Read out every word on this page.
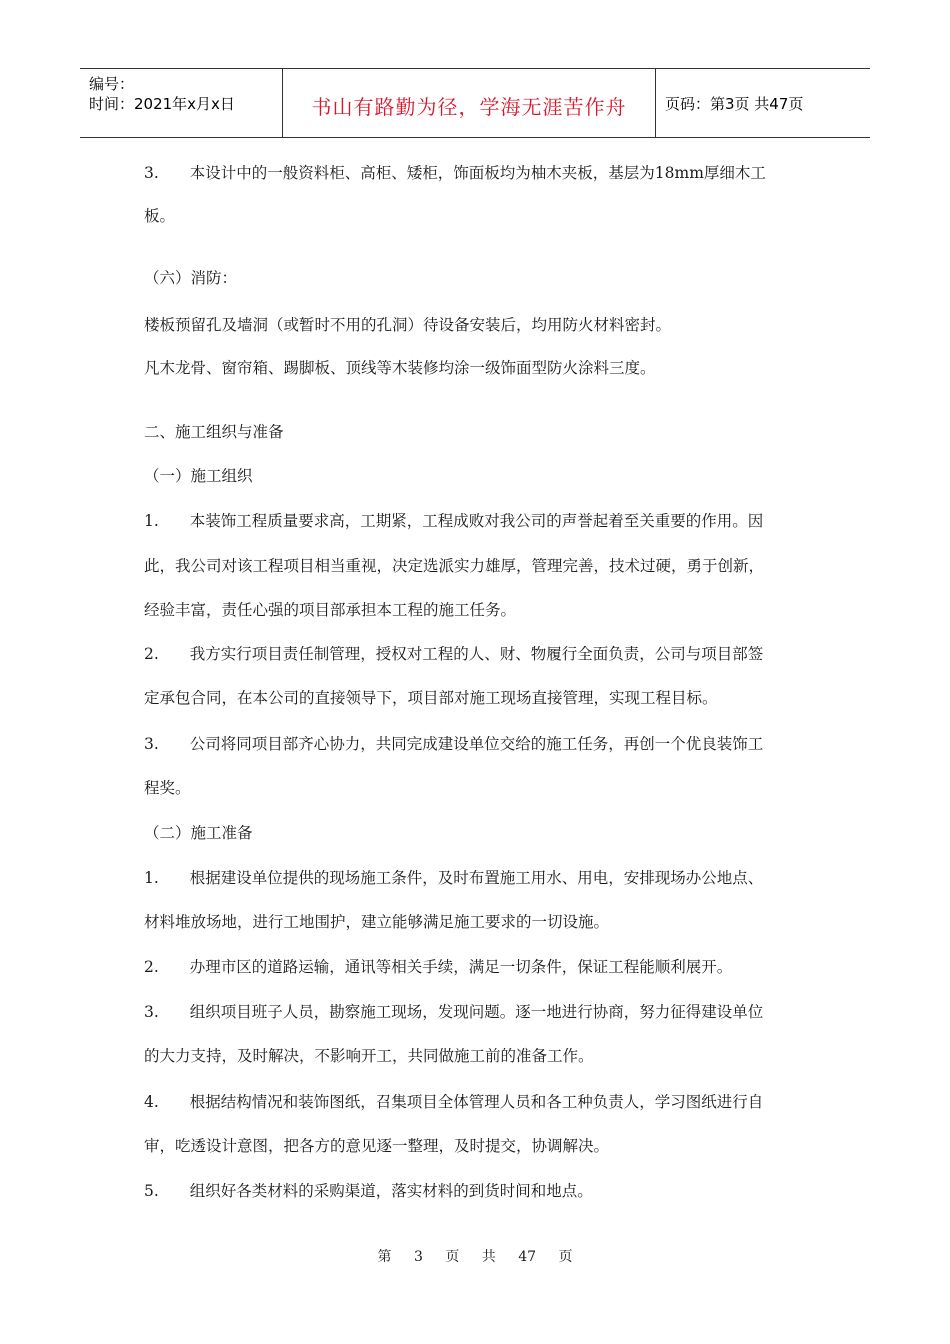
编号：
时间：2021年x月x日	书山有路勤为径，学海无涯苦作舟	页码：第3页 共47页
3.　　本设计中的一般资料柜、高柜、矮柜，饰面板均为柚木夹板，基层为18mm厚细木工
板。
（六）消防：
楼板预留孔及墙洞（或暂时不用的孔洞）待设备安装后，均用防火材料密封。
凡木龙骨、窗帘箱、踢脚板、顶线等木装修均涂一级饰面型防火涂料三度。
二、施工组织与准备
（一）施工组织
1.　　本装饰工程质量要求高，工期紧，工程成败对我公司的声誉起着至关重要的作用。因
此，我公司对该工程项目相当重视，决定选派实力雄厚，管理完善，技术过硬，勇于创新，
经验丰富，责任心强的项目部承担本工程的施工任务。
2.　　我方实行项目责任制管理，授权对工程的人、财、物履行全面负责，公司与项目部签
定承包合同，在本公司的直接领导下，项目部对施工现场直接管理，实现工程目标。
3.　　公司将同项目部齐心协力，共同完成建设单位交给的施工任务，再创一个优良装饰工
程奖。
（二）施工准备
1.　　根据建设单位提供的现场施工条件，及时布置施工用水、用电，安排现场办公地点、
材料堆放场地，进行工地围护，建立能够满足施工要求的一切设施。
2.　　办理市区的道路运输，通讯等相关手续，满足一切条件，保证工程能顺利展开。
3.　　组织项目班子人员，勘察施工现场，发现问题。逐一地进行协商，努力征得建设单位
的大力支持，及时解决，不影响开工，共同做施工前的准备工作。
4.　　根据结构情况和装饰图纸，召集项目全体管理人员和各工种负责人，学习图纸进行自
审，吃透设计意图，把各方的意见逐一整理，及时提交，协调解决。
5.　　组织好各类材料的采购渠道，落实材料的到货时间和地点。
第 3 页 共 47 页
